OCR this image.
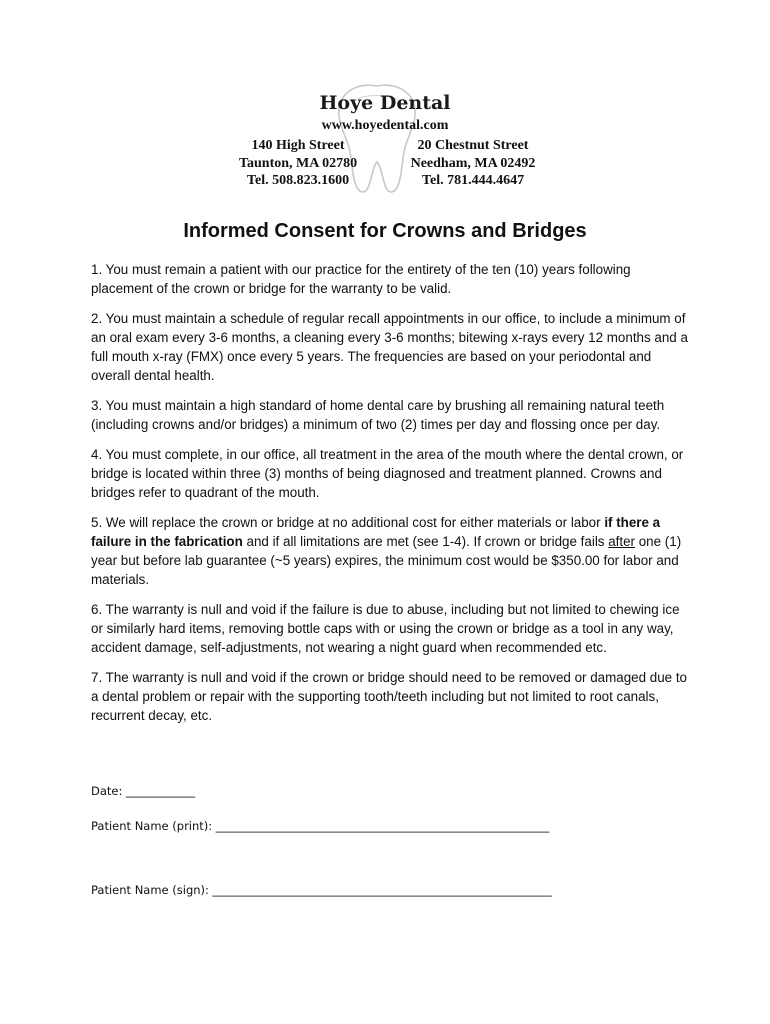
Hoye Dental
www.hoyedental.com
140 High Street
Taunton, MA 02780
Tel. 508.823.1600
20 Chestnut Street
Needham, MA 02492
Tel. 781.444.4647
Informed Consent for Crowns and Bridges

1. You must remain a patient with our practice for the entirety of the ten (10) years following placement of the crown or bridge for the warranty to be valid.

2. You must maintain a schedule of regular recall appointments in our office, to include a minimum of an oral exam every 3-6 months, a cleaning every 3-6 months; bitewing x-rays every 12 months and a full mouth x-ray (FMX) once every 5 years. The frequencies are based on your periodontal and overall dental health.

3. You must maintain a high standard of home dental care by brushing all remaining natural teeth (including crowns and/or bridges) a minimum of two (2) times per day and flossing once per day.

4. You must complete, in our office, all treatment in the area of the mouth where the dental crown, or bridge is located within three (3) months of being diagnosed and treatment planned. Crowns and bridges refer to quadrant of the mouth.

5. We will replace the crown or bridge at no additional cost for either materials or labor if there a failure in the fabrication and if all limitations are met (see 1-4). If crown or bridge fails after one (1) year but before lab guarantee (~5 years) expires, the minimum cost would be $350.00 for labor and materials.

6. The warranty is null and void if the failure is due to abuse, including but not limited to chewing ice or similarly hard items, removing bottle caps with or using the crown or bridge as a tool in any way, accident damage, self-adjustments, not wearing a night guard when recommended etc.

7. The warranty is null and void if the crown or bridge should need to be removed or damaged due to a dental problem or repair with the supporting tooth/teeth including but not limited to root canals, recurrent decay, etc.

Date: ____________
Patient Name (print): __________________________________________________________
Patient Name (sign): ___________________________________________________________
